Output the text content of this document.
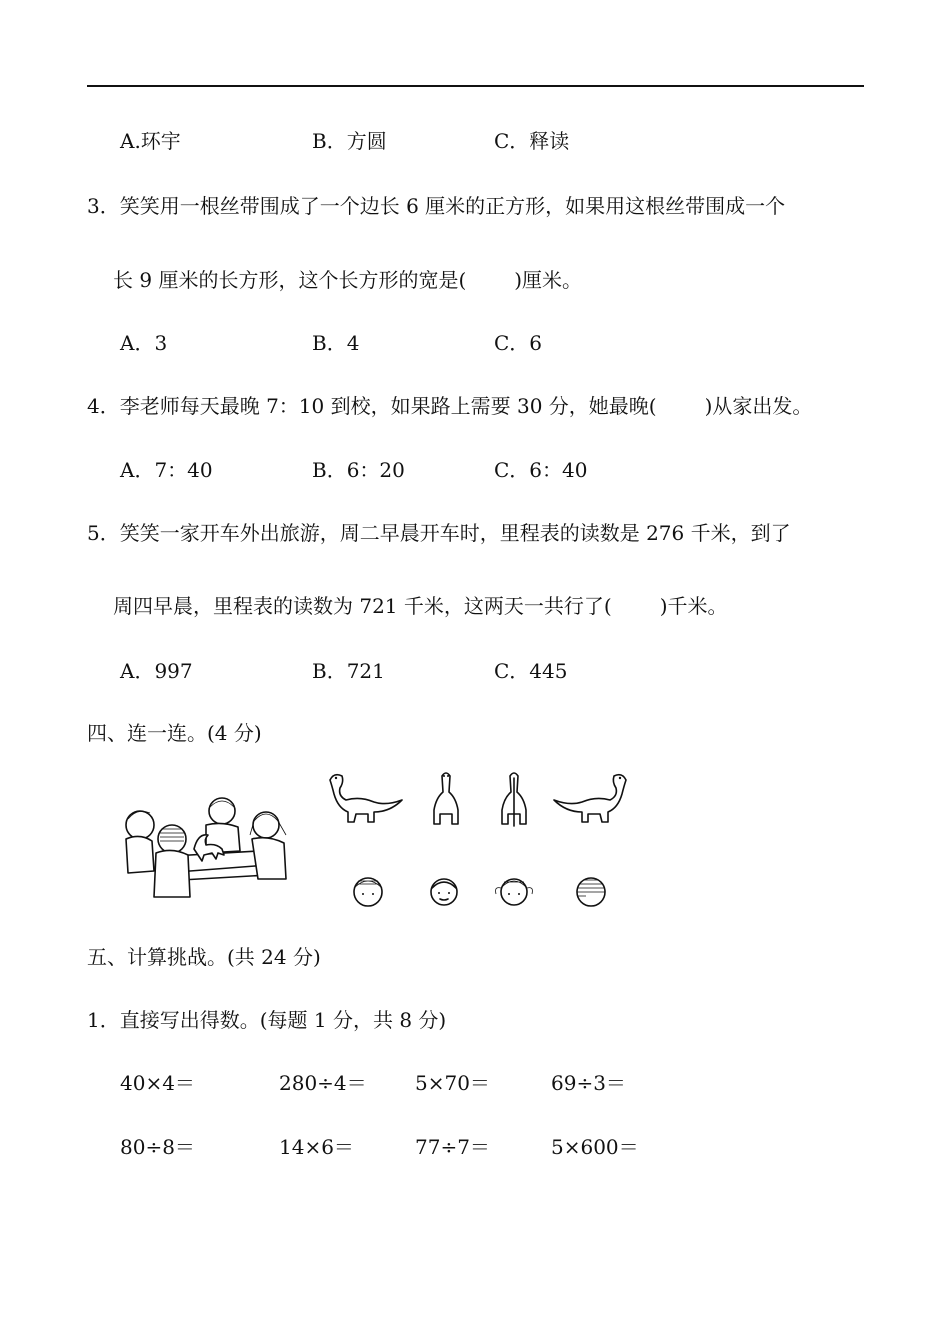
A.环宇	B．方圆	C．释读
3．笑笑用一根丝带围成了一个边长 6 厘米的正方形，如果用这根丝带围成一个
长 9 厘米的长方形，这个长方形的宽是( )厘米。
A．3	B．4	C．6
4．李老师每天最晚 7：10 到校，如果路上需要 30 分，她最晚( )从家出发。
A．7：40	B．6：20	C．6：40
5．笑笑一家开车外出旅游，周二早晨开车时，里程表的读数是 276 千米，到了
周四早晨，里程表的读数为 721 千米，这两天一共行了( )千米。
A．997	B．721	C．445
四、连一连。(4 分)
五、计算挑战。(共 24 分)
1．直接写出得数。(每题 1 分，共 8 分)
40×4＝	280÷4＝ 5×70＝	69÷3＝
80÷8＝	14×6＝	77÷7＝	5×600＝
